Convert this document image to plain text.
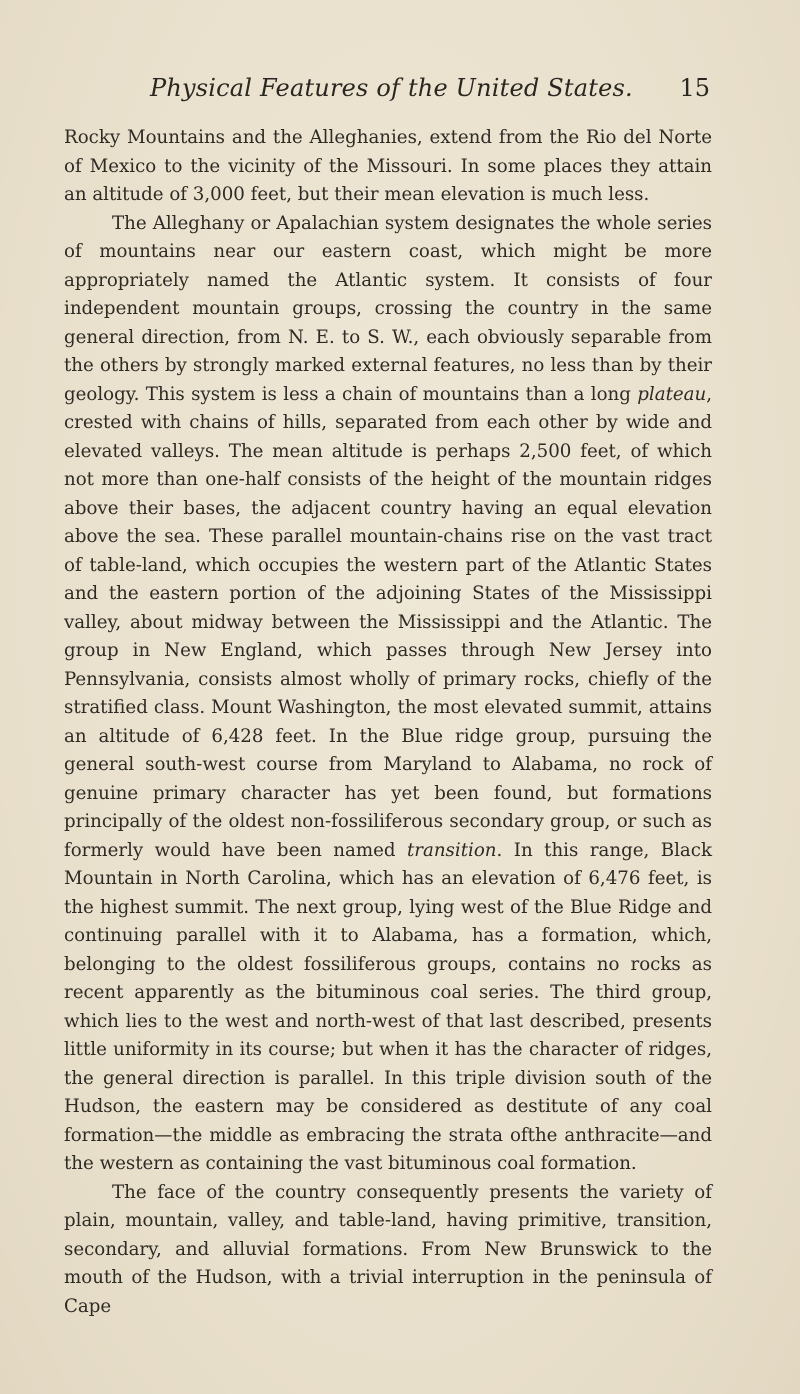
Physical Features of the United States. 15

Rocky Mountains and the Alleghanies, extend from the Rio del Norte of Mexico to the vicinity of the Missouri. In some places they attain an altitude of 3,000 feet, but their mean elevation is much less.

The Alleghany or Apalachian system designates the whole series of mountains near our eastern coast, which might be more appropriately named the Atlantic system. It consists of four independent mountain groups, crossing the country in the same general direction, from N. E. to S. W., each obviously separable from the others by strongly marked external features, no less than by their geology. This system is less a chain of mountains than a long plateau, crested with chains of hills, separated from each other by wide and elevated valleys. The mean altitude is perhaps 2,500 feet, of which not more than one-half consists of the height of the mountain ridges above their bases, the adjacent country having an equal elevation above the sea. These parallel mountain-chains rise on the vast tract of table-land, which occupies the western part of the Atlantic States and the eastern portion of the adjoining States of the Mississippi valley, about midway between the Mississippi and the Atlantic. The group in New England, which passes through New Jersey into Pennsylvania, consists almost wholly of primary rocks, chiefly of the stratified class. Mount Washington, the most elevated summit, attains an altitude of 6,428 feet. In the Blue ridge group, pursuing the general south-west course from Maryland to Alabama, no rock of genuine primary character has yet been found, but formations principally of the oldest non-fossiliferous secondary group, or such as formerly would have been named transition. In this range, Black Mountain in North Carolina, which has an elevation of 6,476 feet, is the highest summit. The next group, lying west of the Blue Ridge and continuing parallel with it to Alabama, has a formation, which, belonging to the oldest fossiliferous groups, contains no rocks as recent apparently as the bituminous coal series. The third group, which lies to the west and north-west of that last described, presents little uniformity in its course; but when it has the character of ridges, the general direction is parallel. In this triple division south of the Hudson, the eastern may be considered as destitute of any coal formation—the middle as embracing the strata ofthe anthracite—and the western as containing the vast bituminous coal formation.

The face of the country consequently presents the variety of plain, mountain, valley, and table-land, having primitive, transition, secondary, and alluvial formations. From New Brunswick to the mouth of the Hudson, with a trivial interruption in the peninsula of Cape
